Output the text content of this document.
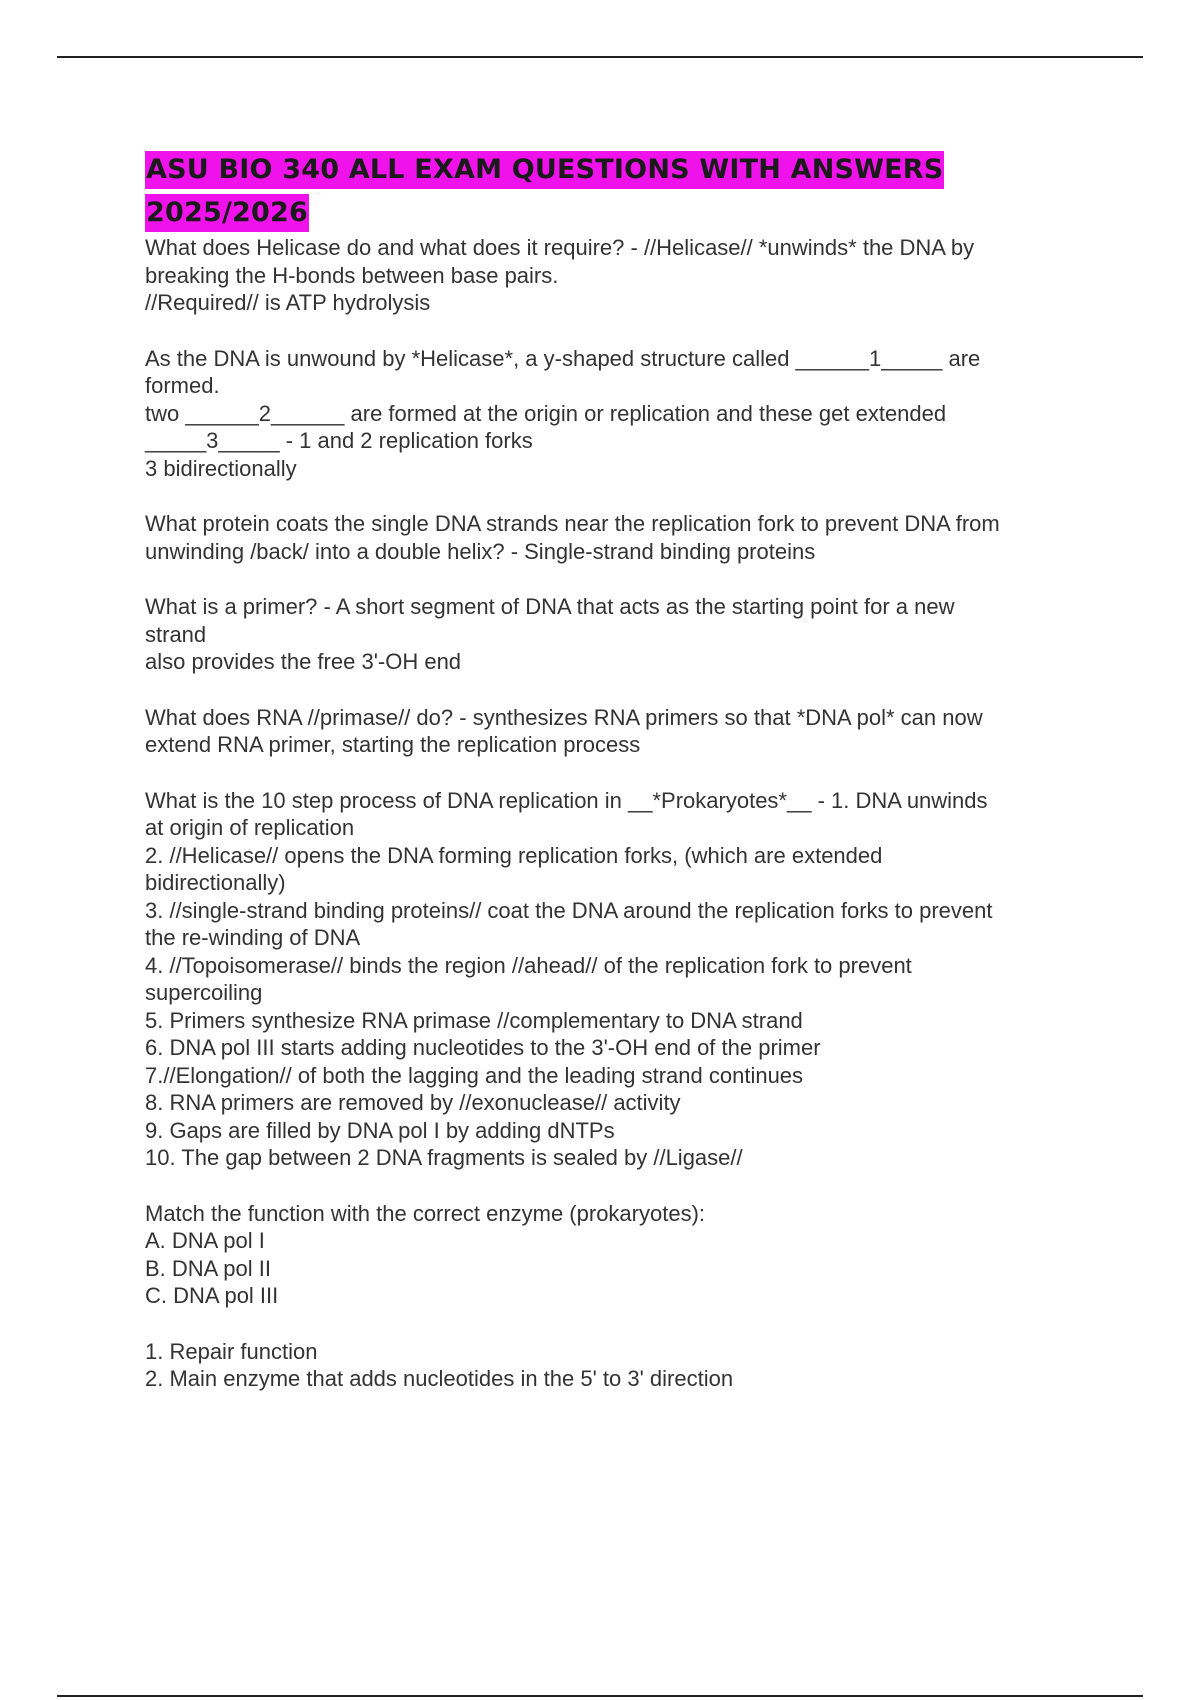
ASU BIO 340 ALL EXAM QUESTIONS WITH ANSWERS
2025/2026
What does Helicase do and what does it require? - //Helicase// *unwinds* the DNA by
breaking the H-bonds between base pairs.
//Required// is ATP hydrolysis
As the DNA is unwound by *Helicase*, a y-shaped structure called ______1_____ are
formed.
two ______2______ are formed at the origin or replication and these get extended
_____3_____ - 1 and 2 replication forks
3 bidirectionally
What protein coats the single DNA strands near the replication fork to prevent DNA from
unwinding /back/ into a double helix? - Single-strand binding proteins
What is a primer? - A short segment of DNA that acts as the starting point for a new
strand
also provides the free 3'-OH end
What does RNA //primase// do? - synthesizes RNA primers so that *DNA pol* can now
extend RNA primer, starting the replication process
What is the 10 step process of DNA replication in __*Prokaryotes*__ - 1. DNA unwinds
at origin of replication
2. //Helicase// opens the DNA forming replication forks, (which are extended
bidirectionally)
3. //single-strand binding proteins// coat the DNA around the replication forks to prevent
the re-winding of DNA
4. //Topoisomerase// binds the region //ahead// of the replication fork to prevent
supercoiling
5. Primers synthesize RNA primase //complementary to DNA strand
6. DNA pol III starts adding nucleotides to the 3'-OH end of the primer
7.//Elongation// of both the lagging and the leading strand continues
8. RNA primers are removed by //exonuclease// activity
9. Gaps are filled by DNA pol I by adding dNTPs
10. The gap between 2 DNA fragments is sealed by //Ligase//
Match the function with the correct enzyme (prokaryotes):
A. DNA pol I
B. DNA pol II
C. DNA pol III
1. Repair function
2. Main enzyme that adds nucleotides in the 5' to 3' direction
